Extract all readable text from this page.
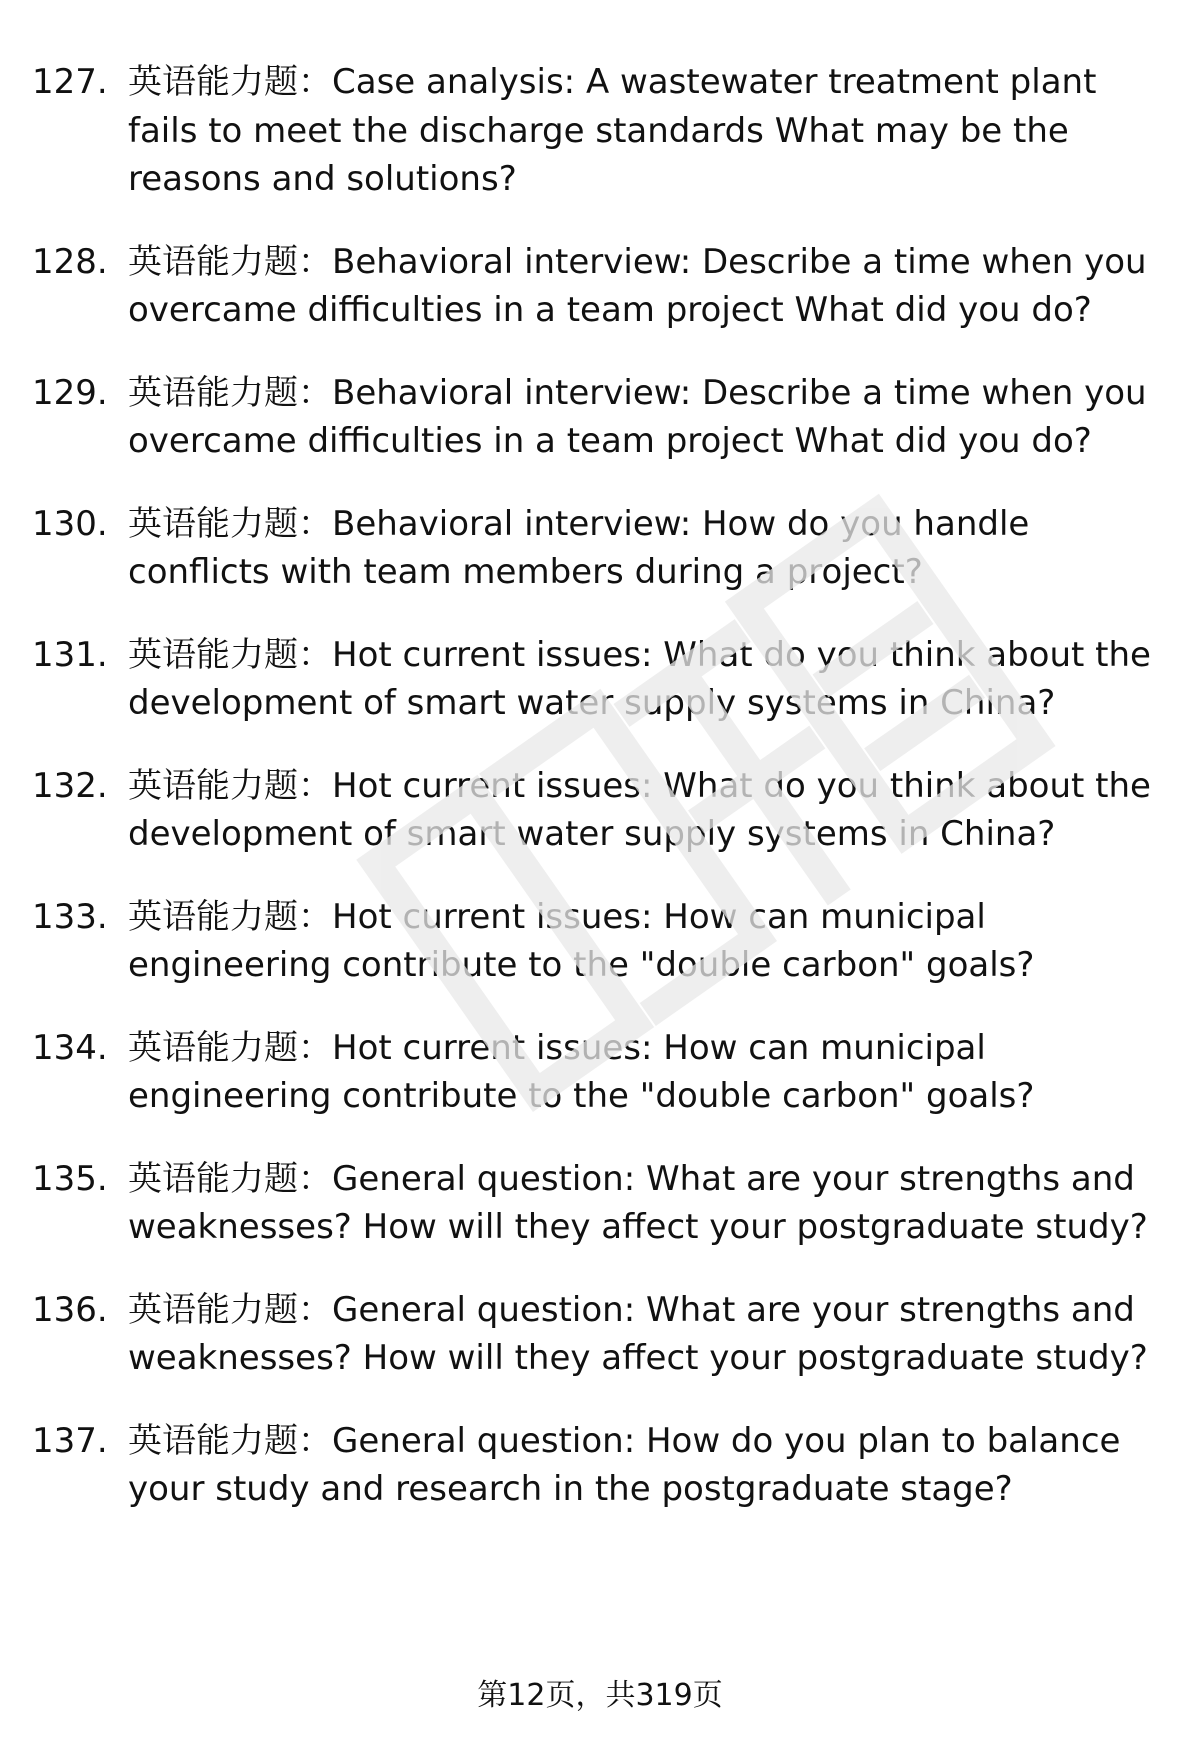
127. 英语能力题：Case analysis: A wastewater treatment plant fails to meet the discharge standards What may be the reasons and solutions?
128. 英语能力题：Behavioral interview: Describe a time when you overcame difficulties in a team project What did you do?
129. 英语能力题：Behavioral interview: Describe a time when you overcame difficulties in a team project What did you do?
130. 英语能力题：Behavioral interview: How do you handle conflicts with team members during a project?
131. 英语能力题：Hot current issues: What do you think about the development of smart water supply systems in China?
132. 英语能力题：Hot current issues: What do you think about the development of smart water supply systems in China?
133. 英语能力题：Hot current issues: How can municipal engineering contribute to the "double carbon" goals?
134. 英语能力题：Hot current issues: How can municipal engineering contribute to the "double carbon" goals?
135. 英语能力题：General question: What are your strengths and weaknesses? How will they affect your postgraduate study?
136. 英语能力题：General question: What are your strengths and weaknesses? How will they affect your postgraduate study?
137. 英语能力题：General question: How do you plan to balance your study and research in the postgraduate stage?
第12页，共319页
